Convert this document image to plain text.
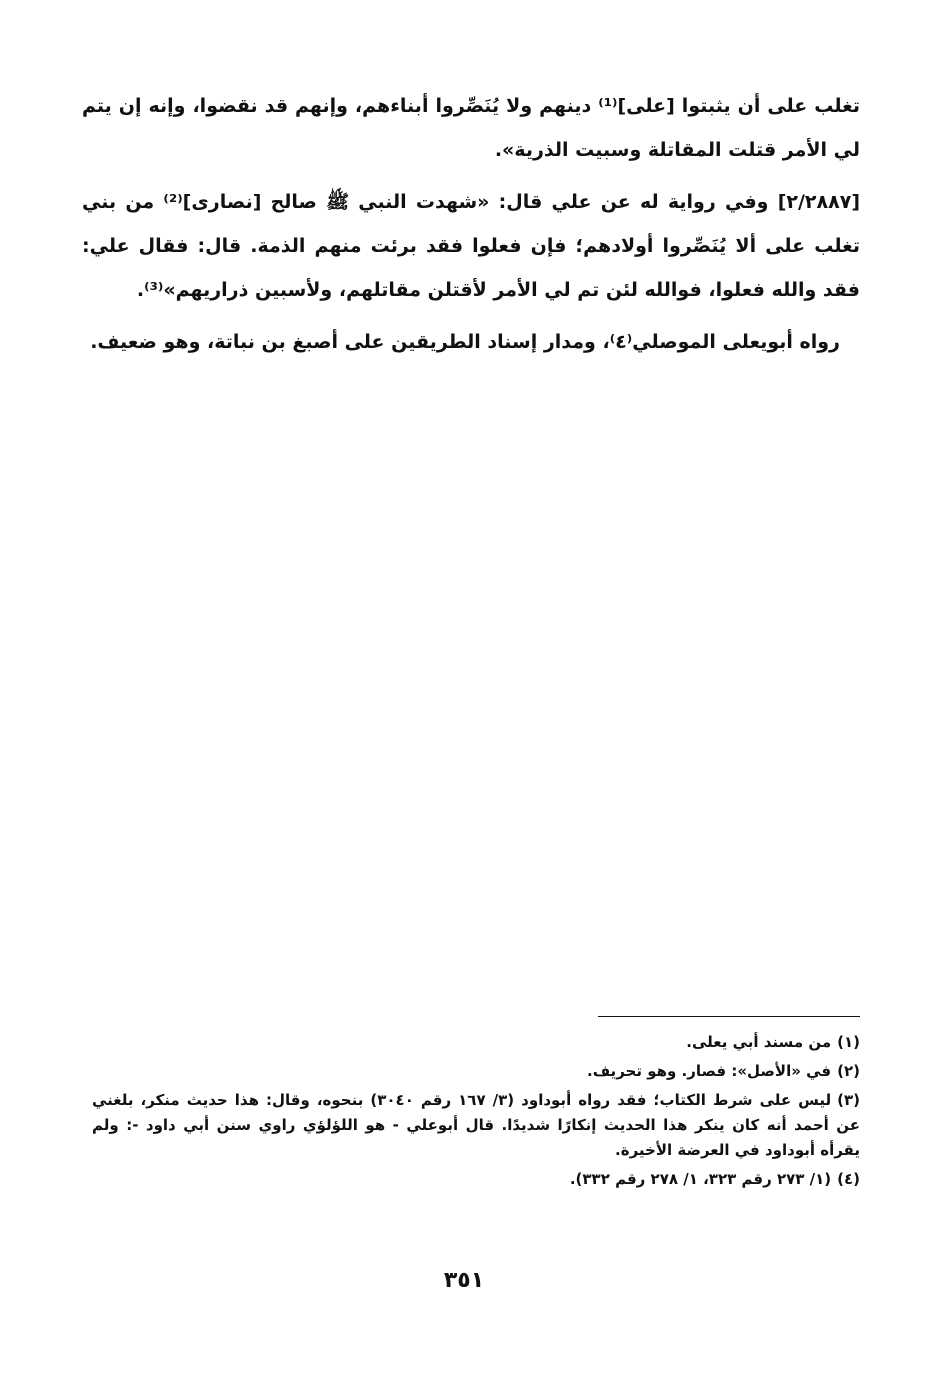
تغلب على أن يثبتوا [على]⁽¹⁾ دينهم ولا يُنَصِّروا أبناءهم، وإنهم قد نقضوا، وإنه إن يتم لي الأمر قتلت المقاتلة وسبيت الذرية».

[٢/٢٨٨٧] وفي رواية له عن علي قال: «شهدت النبي ﷺ صالح [نصارى]⁽²⁾ من بني تغلب على ألا يُنَصِّروا أولادهم؛ فإن فعلوا فقد برئت منهم الذمة. قال: فقال علي: فقد والله فعلوا، فوالله لئن تم لي الأمر لأقتلن مقاتلهم، ولأسبين ذراريهم»⁽³⁾.

رواه أبويعلى الموصلي⁽٤⁾، ومدار إسناد الطريقين على أصبغ بن نباتة، وهو ضعيف.

(١)من مسند أبي يعلى.

(٢)في «الأصل»: فصار. وهو تحريف.

(٣)ليس على شرط الكتاب؛ فقد رواه أبوداود (٣/ ١٦٧ رقم ٣٠٤٠) بنحوه، وقال: هذا حديث منكر، بلغني عن أحمد أنه كان ينكر هذا الحديث إنكارًا شديدًا. قال أبوعلي - هو اللؤلؤي راوي سنن أبي داود -: ولم يقرأه أبوداود في العرضة الأخيرة.

(٤)(١/ ٢٧٣ رقم ٣٢٣، ١/ ٢٧٨ رقم ٣٣٢).

٣٥١
